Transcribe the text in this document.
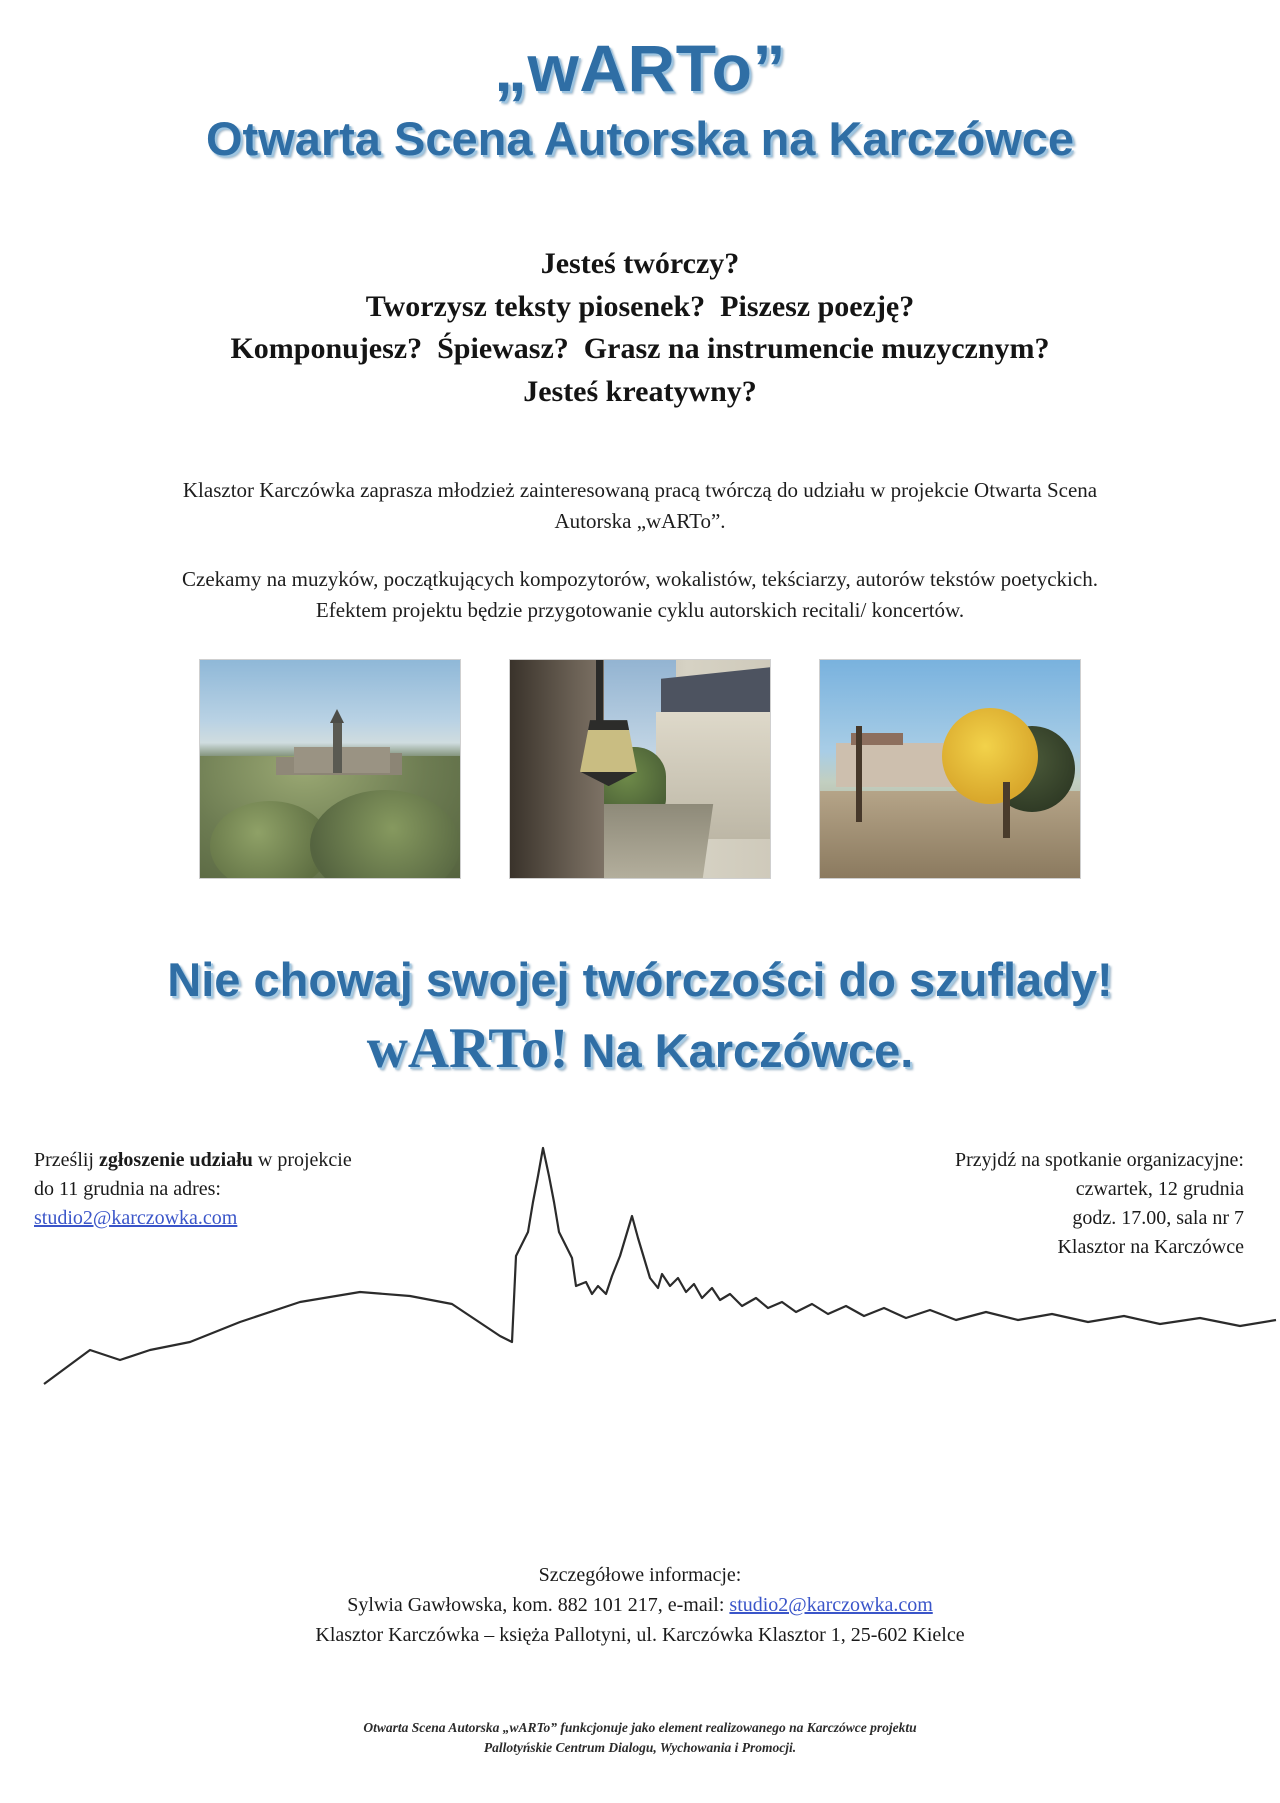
„wARTo”
Otwarta Scena Autorska na Karczówce
Jesteś twórczy?
Tworzysz teksty piosenek?  Piszesz poezję?
Komponujesz?  Śpiewasz?  Grasz na instrumencie muzycznym?
Jesteś kreatywny?

Klasztor Karczówka zaprasza młodzież zainteresowaną pracą twórczą do udziału w projekcie Otwarta Scena Autorska „wARTo”.

Czekamy na muzyków, początkujących kompozytorów, wokalistów, tekściarzy, autorów tekstów poetyckich. Efektem projektu będzie przygotowanie cyklu autorskich recitali/ koncertów.

Nie chowaj swojej twórczości do szuflady!
wARTo! Na Karczówce.
Prześlij zgłoszenie udziału w projekcie
do 11 grudnia na adres:
studio2@karczowka.com
Przyjdź na spotkanie organizacyjne:
czwartek, 12 grudnia
godz. 17.00, sala nr 7
Klasztor na Karczówce
Szczegółowe informacje:
Sylwia Gawłowska, kom. 882 101 217, e-mail: studio2@karczowka.com
Klasztor Karczówka – księża Pallotyni, ul. Karczówka Klasztor 1, 25-602 Kielce
Otwarta Scena Autorska „wARTo” funkcjonuje jako element realizowanego na Karczówce projektu
Pallotyńskie Centrum Dialogu, Wychowania i Promocji.
